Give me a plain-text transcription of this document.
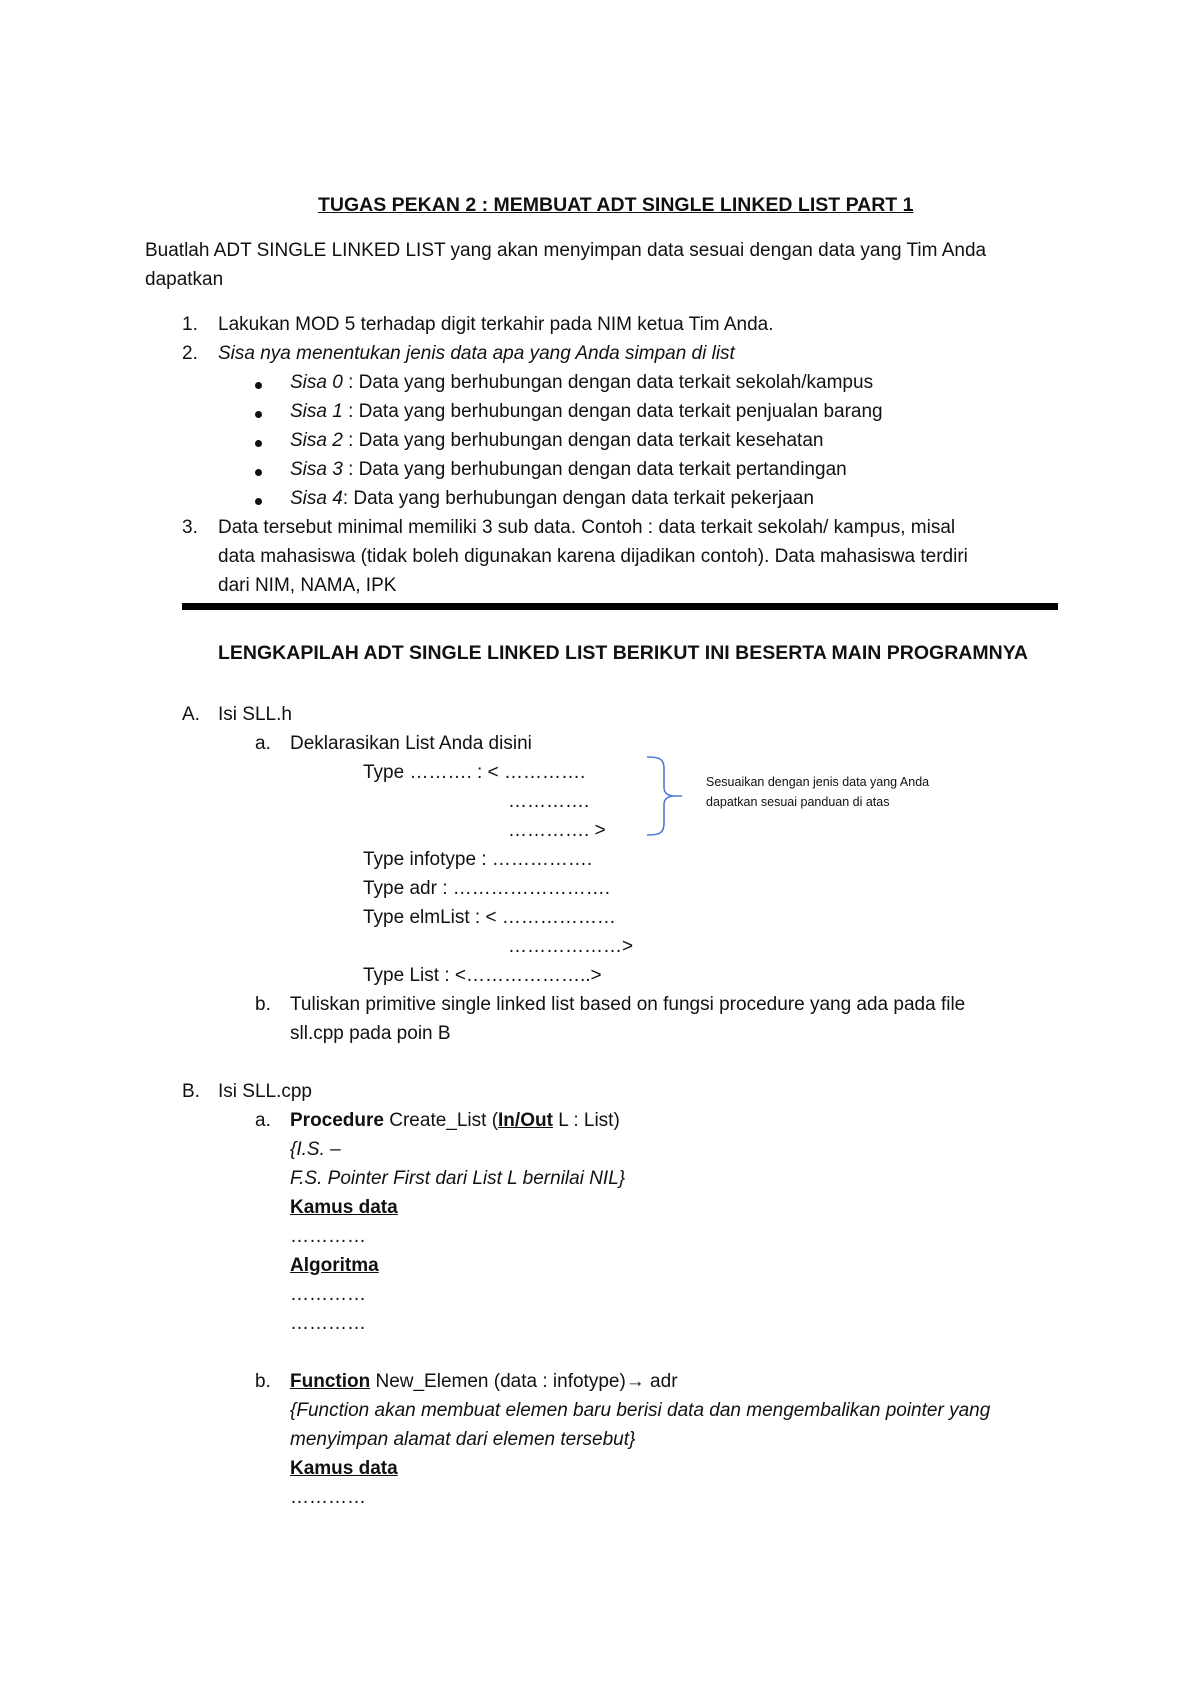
TUGAS PEKAN 2 : MEMBUAT ADT SINGLE LINKED LIST PART 1
Buatlah ADT SINGLE LINKED LIST yang akan menyimpan data sesuai dengan data yang Tim Anda
dapatkan
1. Lakukan MOD 5 terhadap digit terkahir pada NIM ketua Tim Anda.
2. Sisa nya menentukan jenis data apa yang Anda simpan di list
Sisa 0 : Data yang berhubungan dengan data terkait sekolah/kampus
Sisa 1 : Data yang berhubungan dengan data terkait penjualan barang
Sisa 2 : Data yang berhubungan dengan data terkait kesehatan
Sisa 3 : Data yang berhubungan dengan data terkait pertandingan
Sisa 4: Data yang berhubungan dengan data terkait pekerjaan
3. Data tersebut minimal memiliki 3 sub data. Contoh : data terkait sekolah/ kampus, misal
data mahasiswa (tidak boleh digunakan karena dijadikan contoh). Data mahasiswa terdiri
dari NIM, NAMA, IPK
LENGKAPILAH ADT SINGLE LINKED LIST BERIKUT INI BESERTA MAIN PROGRAMNYA
A. Isi SLL.h
a. Deklarasikan List Anda disini
Type ………. : < ………….
………….
…………. >
Sesuaikan dengan jenis data yang Anda
dapatkan sesuai panduan di atas
Type infotype : …………….
Type adr : …………………….
Type elmList : < ………………
………………>
Type List : <………………..>
b. Tuliskan primitive single linked list based on fungsi procedure yang ada pada file
sll.cpp pada poin B
B. Isi SLL.cpp
a. Procedure Create_List (In/Out L : List)
{I.S. –
F.S. Pointer First dari List L bernilai NIL}
Kamus data
…………
Algoritma
…………
…………
b. Function New_Elemen (data : infotype)→ adr
{Function akan membuat elemen baru berisi data dan mengembalikan pointer yang
menyimpan alamat dari elemen tersebut}
Kamus data
…………
